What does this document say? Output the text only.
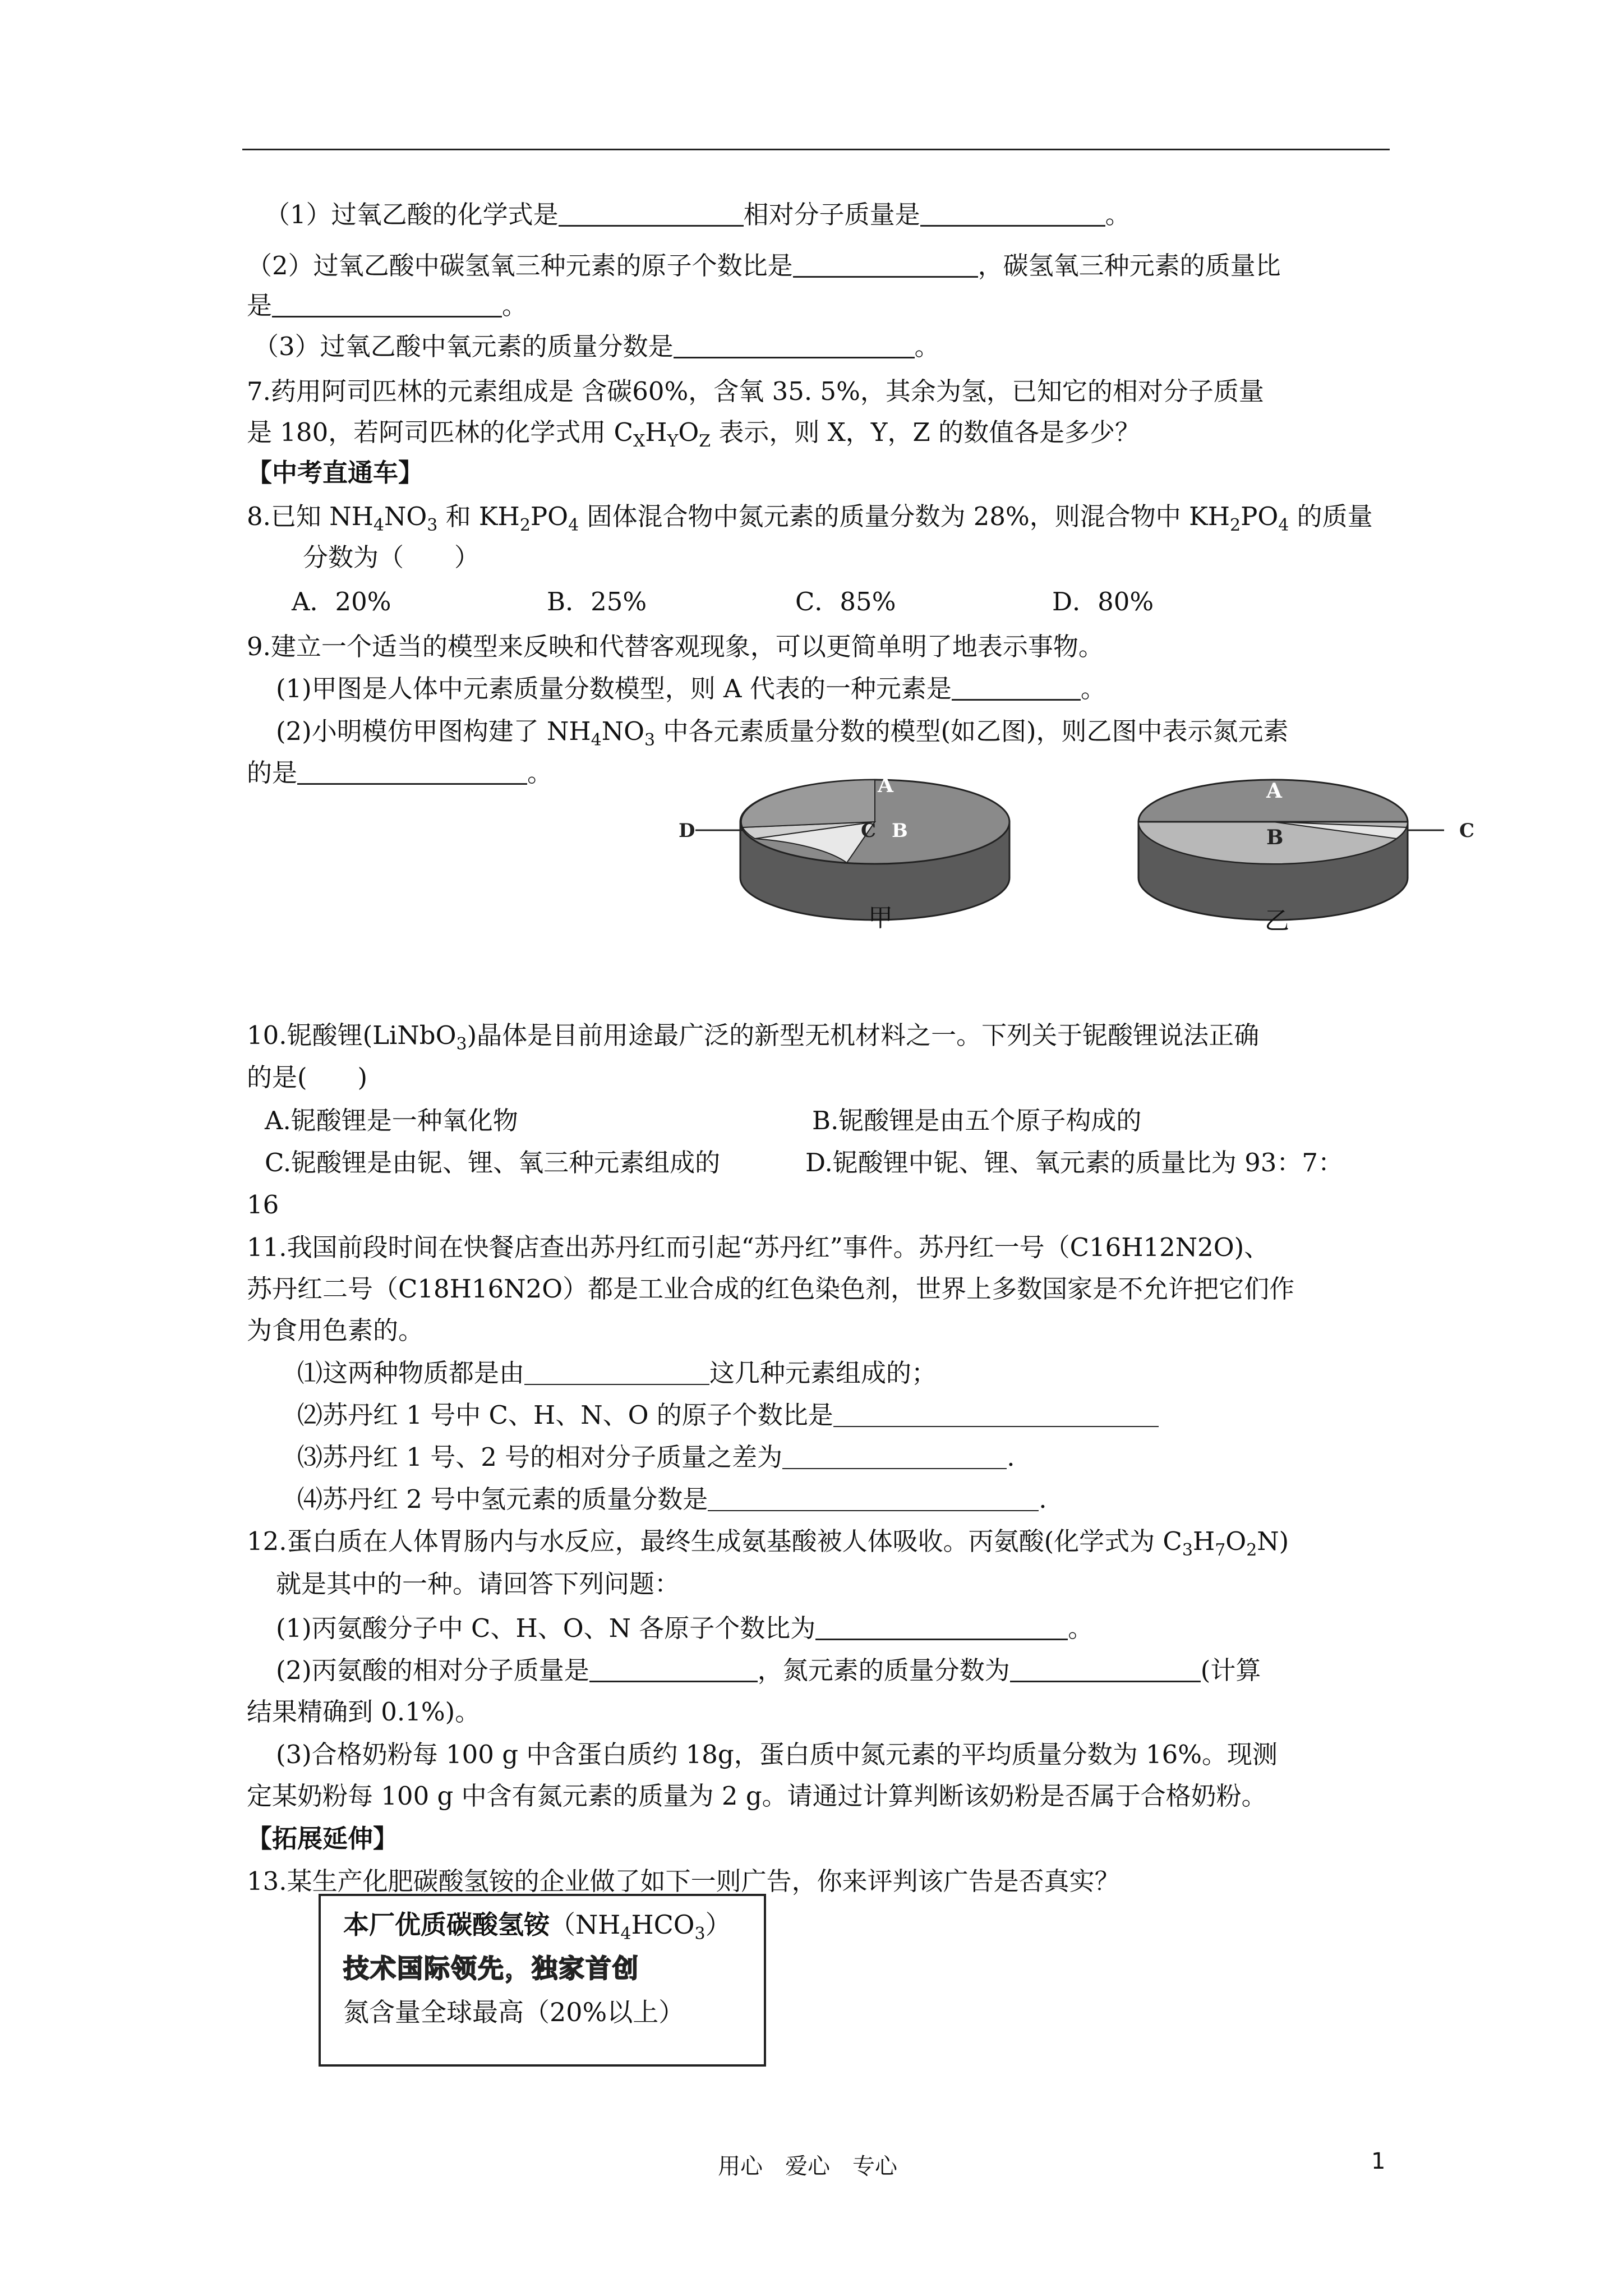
（1）过氧乙酸的化学式是	相对分子质量是	。
（2）过氧乙酸中碳氢氧三种元素的原子个数比是	，碳氢氧三种元素的质量比
是	。
（3）过氧乙酸中氧元素的质量分数是	。
7.药用阿司匹林的元素组成是 含碳60%，含氧 35. 5%，其余为氢，已知它的相对分子质量
是 180，若阿司匹林的化学式用 $C_XH_YO_Z$ 表示，则 X，Y，Z 的数值各是多少？
【中考直通车】
8.已知 $NH_4NO_3$ 和 $KH_2PO_4$ 固体混合物中氮元素的质量分数为 28%，则混合物中 $KH_2PO_4$ 的质量
分数为（　　）
A．20%	B．25%	C．85%	D．80%
9.建立一个适当的模型来反映和代替客观现象，可以更简单明了地表示事物。
(1)甲图是人体中元素质量分数模型，则 A 代表的一种元素是	。
(2)小明模仿甲图构建了 $NH_4NO_3$ 中各元素质量分数的模型(如乙图)，则乙图中表示氮元素
的是	。	A
C B
D
甲
A
B	C
乙
10.铌酸锂(LiNbO$_3$)晶体是目前用途最广泛的新型无机材料之一。下列关于铌酸锂说法正确
的是(　　)
A.铌酸锂是一种氧化物	B.铌酸锂是由五个原子构成的
C.铌酸锂是由铌、锂、氧三种元素组成的	D.铌酸锂中铌、锂、氧元素的质量比为 93：7：
16
11.我国前段时间在快餐店查出苏丹红而引起“苏丹红”事件。苏丹红一号（C16H12N2O)、
苏丹红二号（C18H16N2O）都是工业合成的红色染色剂，世界上多数国家是不允许把它们作
为食用色素的。
⑴这两种物质都是由	这几种元素组成的；
⑵苏丹红 1 号中 C、H、N、O 的原子个数比是
⑶苏丹红 1 号、2 号的相对分子质量之差为	.
⑷苏丹红 2 号中氢元素的质量分数是	.
12.蛋白质在人体胃肠内与水反应，最终生成氨基酸被人体吸收。丙氨酸(化学式为 $C_3H_7O_2N$)
就是其中的一种。请回答下列问题：
(1)丙氨酸分子中 C、H、O、N 各原子个数比为	。
(2)丙氨酸的相对分子质量是	，氮元素的质量分数为	(计算
结果精确到 0.1%)。
(3)合格奶粉每 100 g 中含蛋白质约 18g，蛋白质中氮元素的平均质量分数为 16%。现测
定某奶粉每 100 g 中含有氮元素的质量为 2 g。请通过计算判断该奶粉是否属于合格奶粉。
【拓展延伸】
13.某生产化肥碳酸氢铵的企业做了如下一则广告，你来评判该广告是否真实？
本厂优质碳酸氢铵$(NH_4HCO_3)$
技术国际领先，独家首创
氮含量全球最高（20%以上）
用心　爱心　专心	1
